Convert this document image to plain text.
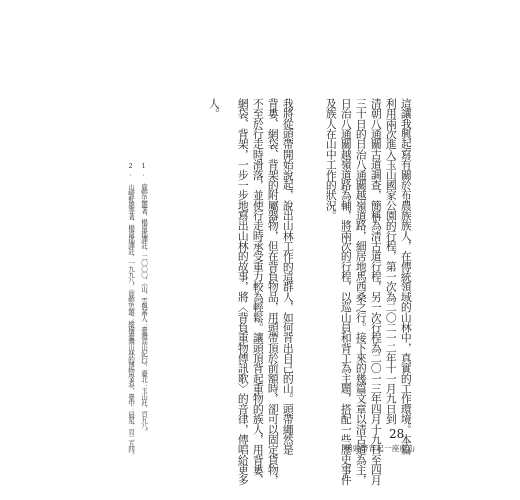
這讓我興起寫有關於布農族族人，在傳統領域的山林中，真實的工作環境。本篇
利用兩次進入玉山國家公園的行程，第一次為二〇二一二年十一月九日到
清朝八通關古道調查，簡稱為清古道行程，另一次行程為二〇一三年四月十九日至四月
三十日的日治八通關越嶺道路，細居地馬西桑之行。接下來的幾篇文章以清古道為主，
日治八通關越嶺道路為輔，將兩次的行程，以巡山員和背工為主題，搭配一些歷史事件
及族人在山中工作的狀況。
我將從頭帶開始說起，說出山林工作的這群人，如何背出自己的山。頭帶繩然是
背婁、網袋、背架的附屬器物，但在背負物品，用頭帶頂於前額時，卻可以固定貨物，
不至於行走時滑落，並使行走時承受重力較為輕鬆。讓頭頂背起重物的族人，用背婁、
網袋、背架，一步一步地寫出山林的故事，將〈背負重物傳訊歌〉的音律，傳唱給更多
人。
1. 鹿野忠雄著，楊南郡譯註，二〇〇〇，《山、雲與蕃人：臺灣高山紀行》，臺北：玉山社，頁九八。
2. 山崎軒雄等著，楊南郡譯註，一九九八，《鹿野忠雄：縱橫臺灣山林的博物學者》，臺中：晨星，頁二五四。	28
用頭帶背起一座座山
